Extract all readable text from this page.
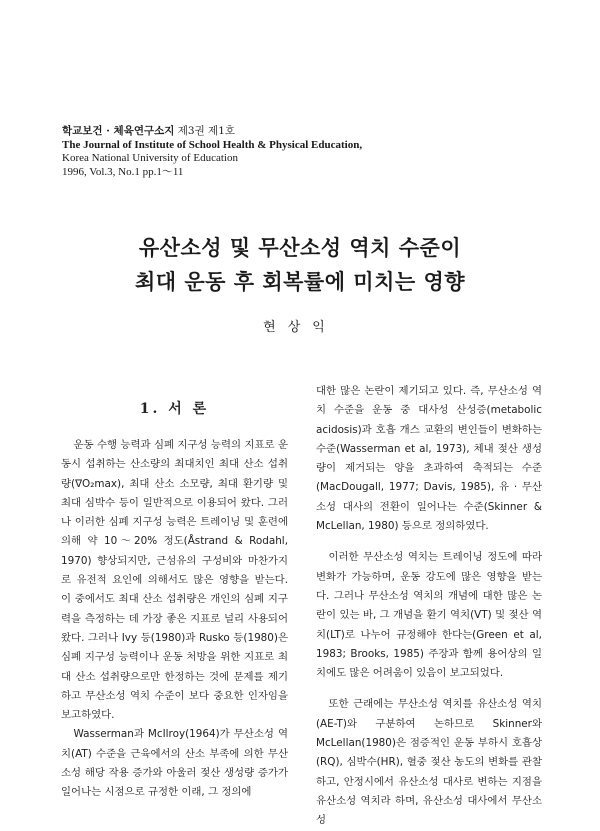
학교보건 · 체육연구소지 제3권 제1호
The Journal of Institute of School Health & Physical Education,
Korea National University of Education
1996, Vol.3, No.1 pp.1～11
유산소성 및 무산소성 역치 수준이
최대 운동 후 회복률에 미치는 영향
현상익
1. 서 론

운동 수행 능력과 심폐 지구성 능력의 지표로 운동시 섭취하는 산소량의 최대치인 최대 산소 섭취량(∇O₂max), 최대 산소 소모량, 최대 환기량 및 최대 심박수 등이 일반적으로 이용되어 왔다. 그러나 이러한 심폐 지구성 능력은 트레이닝 및 훈련에 의해 약 10～20% 정도(Åstrand & Rodahl, 1970) 향상되지만, 근섬유의 구성비와 마찬가지로 유전적 요인에 의해서도 많은 영향을 받는다. 이 중에서도 최대 산소 섭취량은 개인의 심폐 지구력을 측정하는 데 가장 좋은 지표로 널리 사용되어 왔다. 그러나 Ivy 등(1980)과 Rusko 등(1980)은 심폐 지구성 능력이나 운동 처방을 위한 지표로 최대 산소 섭취량으로만 한정하는 것에 문제를 제기하고 무산소성 역치 수준이 보다 중요한 인자임을 보고하였다.

Wasserman과 McIlroy(1964)가 무산소성 역치(AT) 수준을 근육에서의 산소 부족에 의한 무산소성 해당 작용 증가와 아울러 젖산 생성량 증가가 일어나는 시점으로 규정한 이래, 그 정의에

대한 많은 논란이 제기되고 있다. 즉, 무산소성 역치 수준을 운동 중 대사성 산성증(metabolic acidosis)과 호흡 개스 교환의 변인들이 변화하는 수준(Wasserman et al, 1973), 체내 젖산 생성량이 제거되는 양을 초과하여 축적되는 수준(MacDougall, 1977; Davis, 1985), 유 · 무산소성 대사의 전환이 일어나는 수준(Skinner & McLellan, 1980) 등으로 정의하였다.

이러한 무산소성 역치는 트레이닝 정도에 따라 변화가 가능하며, 운동 강도에 많은 영향을 받는다. 그러나 무산소성 역치의 개념에 대한 많은 논란이 있는 바, 그 개념을 환기 역치(VT) 및 젖산 역치(LT)로 나누어 규정해야 한다는(Green et al, 1983; Brooks, 1985) 주장과 함께 용어상의 일치에도 많은 어려움이 있음이 보고되었다.

또한 근래에는 무산소성 역치를 유산소성 역치(AE-T)와 구분하여 논하므로 Skinner와 McLellan(1980)은 점증적인 운동 부하시 호흡상 (RQ), 심박수(HR), 혈중 젖산 농도의 변화를 관찰하고, 안정시에서 유산소성 대사로 변하는 지점을 유산소성 역치라 하며, 유산소성 대사에서 무산소성
